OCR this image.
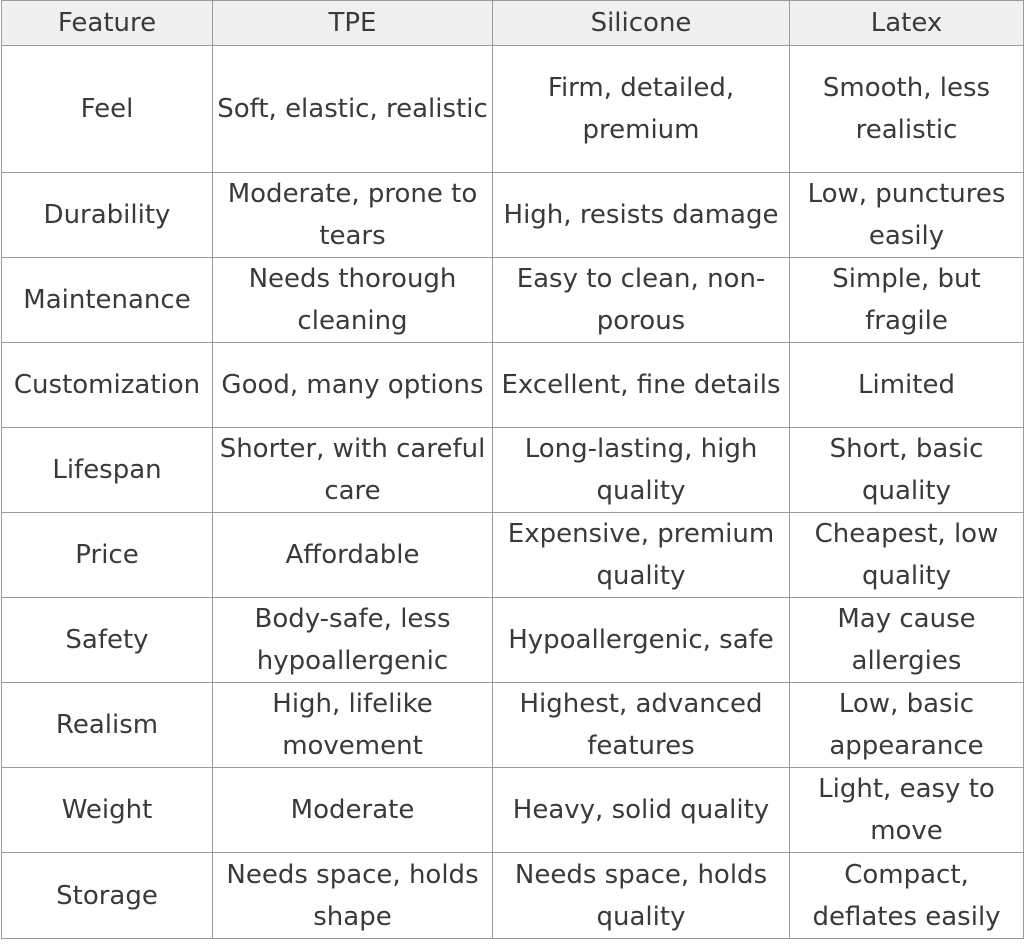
Feature	TPE	Silicone	Latex
Feel	Soft, elastic, realistic	Firm, detailed, premium	Smooth, less realistic
Durability	Moderate, prone to tears	High, resists damage	Low, punctures easily
Maintenance	Needs thorough cleaning	Easy to clean, non-porous	Simple, but fragile
Customization	Good, many options	Excellent, fine details	Limited
Lifespan	Shorter, with careful care	Long-lasting, high quality	Short, basic quality
Price	Affordable	Expensive, premium quality	Cheapest, low quality
Safety	Body-safe, less hypoallergenic	Hypoallergenic, safe	May cause allergies
Realism	High, lifelike movement	Highest, advanced features	Low, basic appearance
Weight	Moderate	Heavy, solid quality	Light, easy to move
Storage	Needs space, holds shape	Needs space, holds quality	Compact, deflates easily
